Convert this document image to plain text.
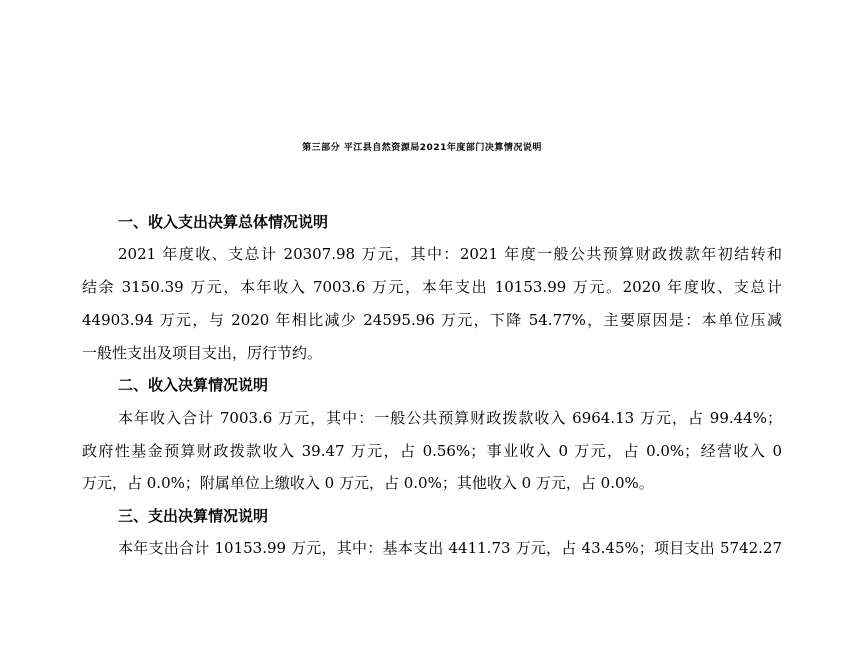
第三部分 平江县自然资源局2021年度部门决算情况说明
一、收入支出决算总体情况说明
2021 年度收、支总计 20307.98 万元，其中：2021 年度一般公共预算财政拨款年初结转和
结余 3150.39 万元，本年收入 7003.6 万元，本年支出 10153.99 万元。2020 年度收、支总计
44903.94 万元，与 2020 年相比减少 24595.96 万元，下降 54.77%，主要原因是：本单位压减
一般性支出及项目支出，厉行节约。
二、收入决算情况说明
本年收入合计 7003.6 万元，其中：一般公共预算财政拨款收入 6964.13 万元，占 99.44%；
政府性基金预算财政拨款收入 39.47 万元，占 0.56%；事业收入 0 万元，占 0.0%；经营收入 0
万元，占 0.0%；附属单位上缴收入 0 万元，占 0.0%；其他收入 0 万元，占 0.0%。
三、支出决算情况说明
本年支出合计 10153.99 万元，其中：基本支出 4411.73 万元，占 43.45%；项目支出 5742.27
